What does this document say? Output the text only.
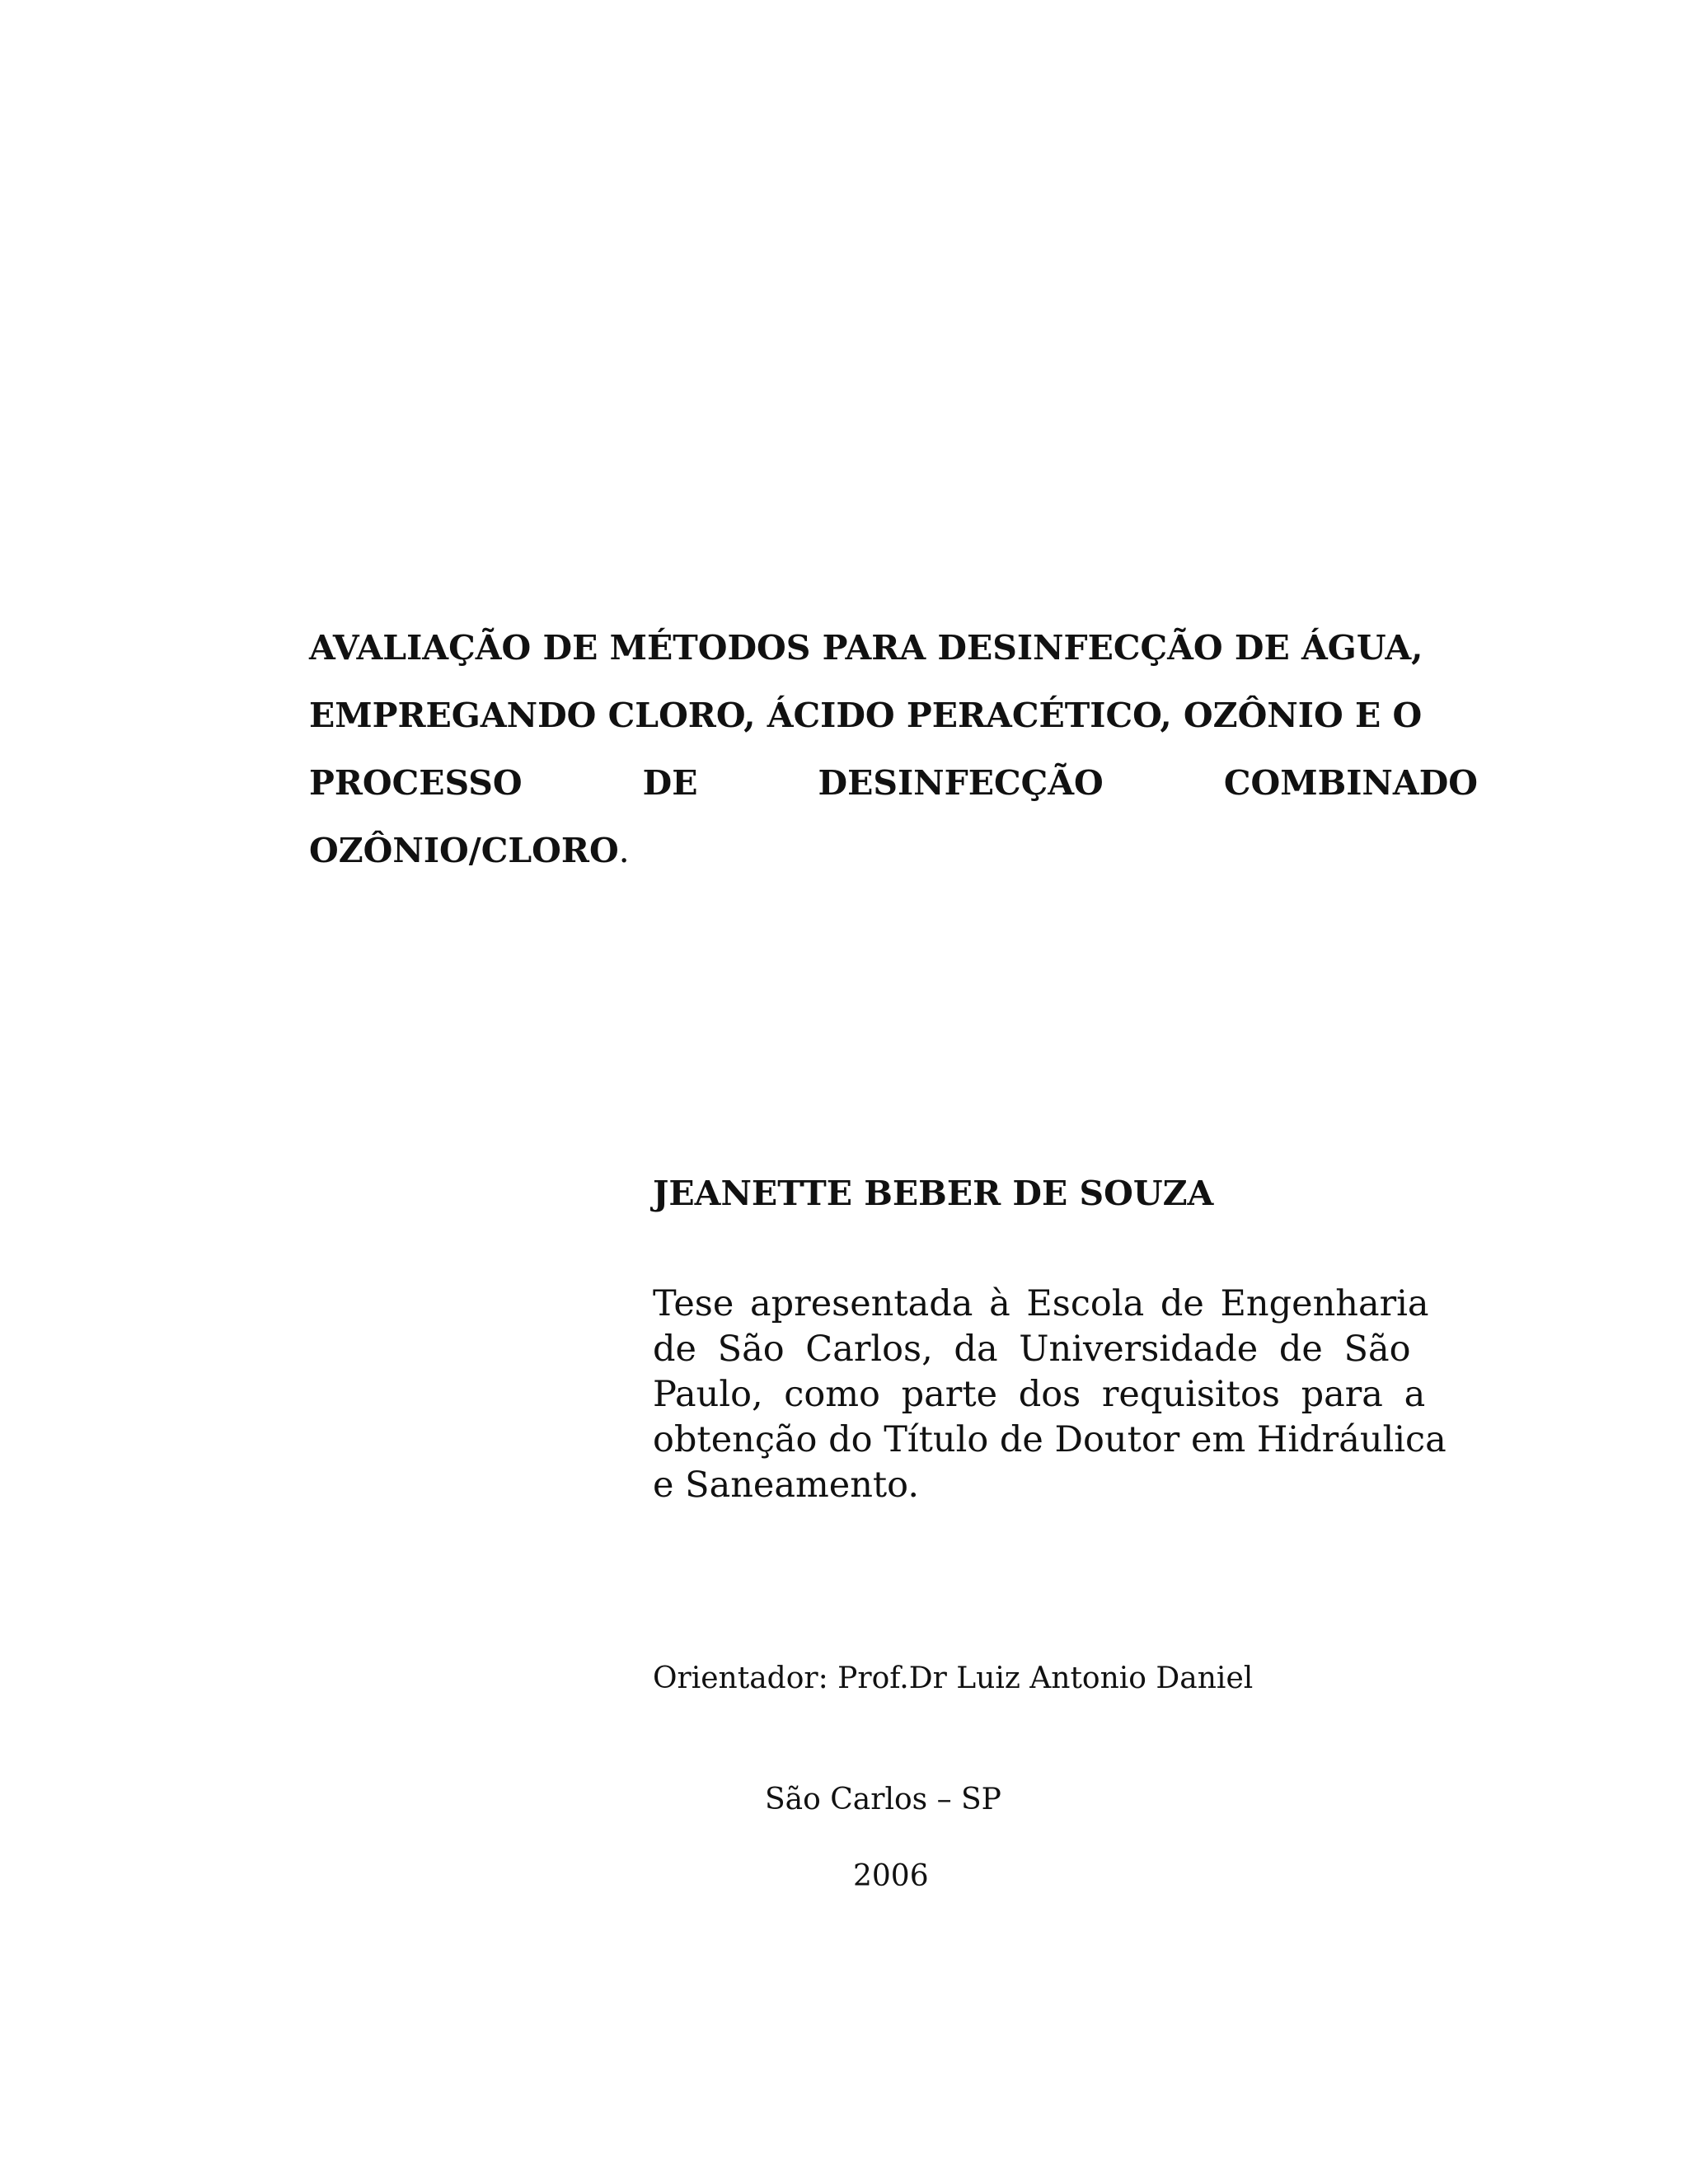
AVALIAÇÃO DE MÉTODOS PARA DESINFECÇÃO DE ÁGUA,
EMPREGANDO CLORO, ÁCIDO PERACÉTICO, OZÔNIO E O
PROCESSO	DE	DESINFECÇÃO	COMBINADO
OZÔNIO/CLORO.
JEANETTE BEBER DE SOUZA
Tese apresentada à Escola de Engenharia
de São Carlos, da Universidade de São
Paulo, como parte dos requisitos para a
obtenção do Título de Doutor em Hidráulica
e Saneamento.
Orientador: Prof.Dr Luiz Antonio Daniel
São Carlos – SP
2006
